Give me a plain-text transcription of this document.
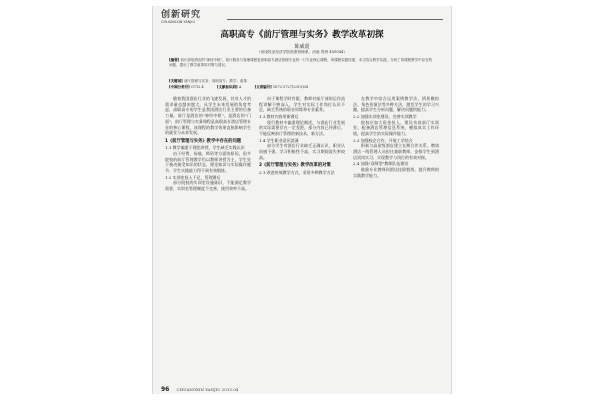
创新研究
CHUANGXIN YANJIU
高职高专《前厅管理与实务》教学改革初探
陈威震
（河南牧业经济学院旅游管理系，河南 郑州 450044）
[摘要] 前厅部是酒店的"神经中枢"，前厅服务与管理课程是高职高专酒店管理专业的一门专业核心课程，该课程实践性强，本文结合教学实践，分析了该课程教学中存在的问题，提出了教学改革的对策与建议。
[关键词] 前厅管理与实务；高职高专；教学；改革
[中图分类号] G712.4	[文献标识码] A	[文章编号] 1672-5727(2013)04

随着我国酒店行业的飞速发展，其对人才的需求量也越来越大。从学生未来发展的角度考虑，高职高专的学生是我国酒店行业主要的后备力量。前厅是酒店的"神经中枢"，是酒店的"门面"，前厅管理与实务课程是高职高专酒店管理专业的核心课程，该课程的教学效果直接影响学生的就业与未来发展。

1《前厅管理与实务》教学中存在的问题
1.1 教学偏重于理论讲授，学生缺乏实践认识

由于经费、场地、师资等方面的原因，很多院校的前厅管理教学仍以教师讲授为主，学生处于被动接受知识的状态，理论知识与实际操作脱节，学生实践能力得不到有效锻炼。

1.2 实训室投入不足，管理滞后

部分院校的实训室设施陈旧，不能满足教学需要，实训室管理制度不完善，使用效率不高。

由于课程学时有限，教师对前厅部的运作流程讲解不够深入，学生对实际工作岗位认识不足，缺乏系统的职业训练和专业素养。

1.3 教材内容更新滞后

现行教材多偏重理论阐述，与酒店行业发展的实际需要存在一定差距，部分内容已经滞后，不能反映前厅管理的新技术、新方法。

1.4 学生职业意识淡薄

部分学生对酒店行业缺乏正确认识，职业认同感不强，学习积极性不高，实习期间流失率较高。

2《前厅管理与实务》教学改革的对策
2.1 改进传统教学方式，采用多种教学方法

在教学中综合运用案例教学法、情景模拟法、角色扮演法等多种方法，激发学生的学习兴趣，提高学生分析问题、解决问题的能力。

2.2 加强实训室建设，完善实训教学

院校应加大资金投入，建设仿真前厅实训室，配备酒店管理信息系统，模拟真实工作环境，提高学生的实际操作能力。

2.3 加强校企合作，开展工学结合

积极与高星级酒店建立长期合作关系，聘请酒店一线管理人员担任兼职教师，安排学生到酒店顶岗实习，实现教学与岗位的有效对接。

2.4 加强"双师型"教师队伍建设

鼓励专业教师到酒店挂职锻炼，提升教师的实践教学能力。

96 CHUANGXIN YANJIU 2013.04
